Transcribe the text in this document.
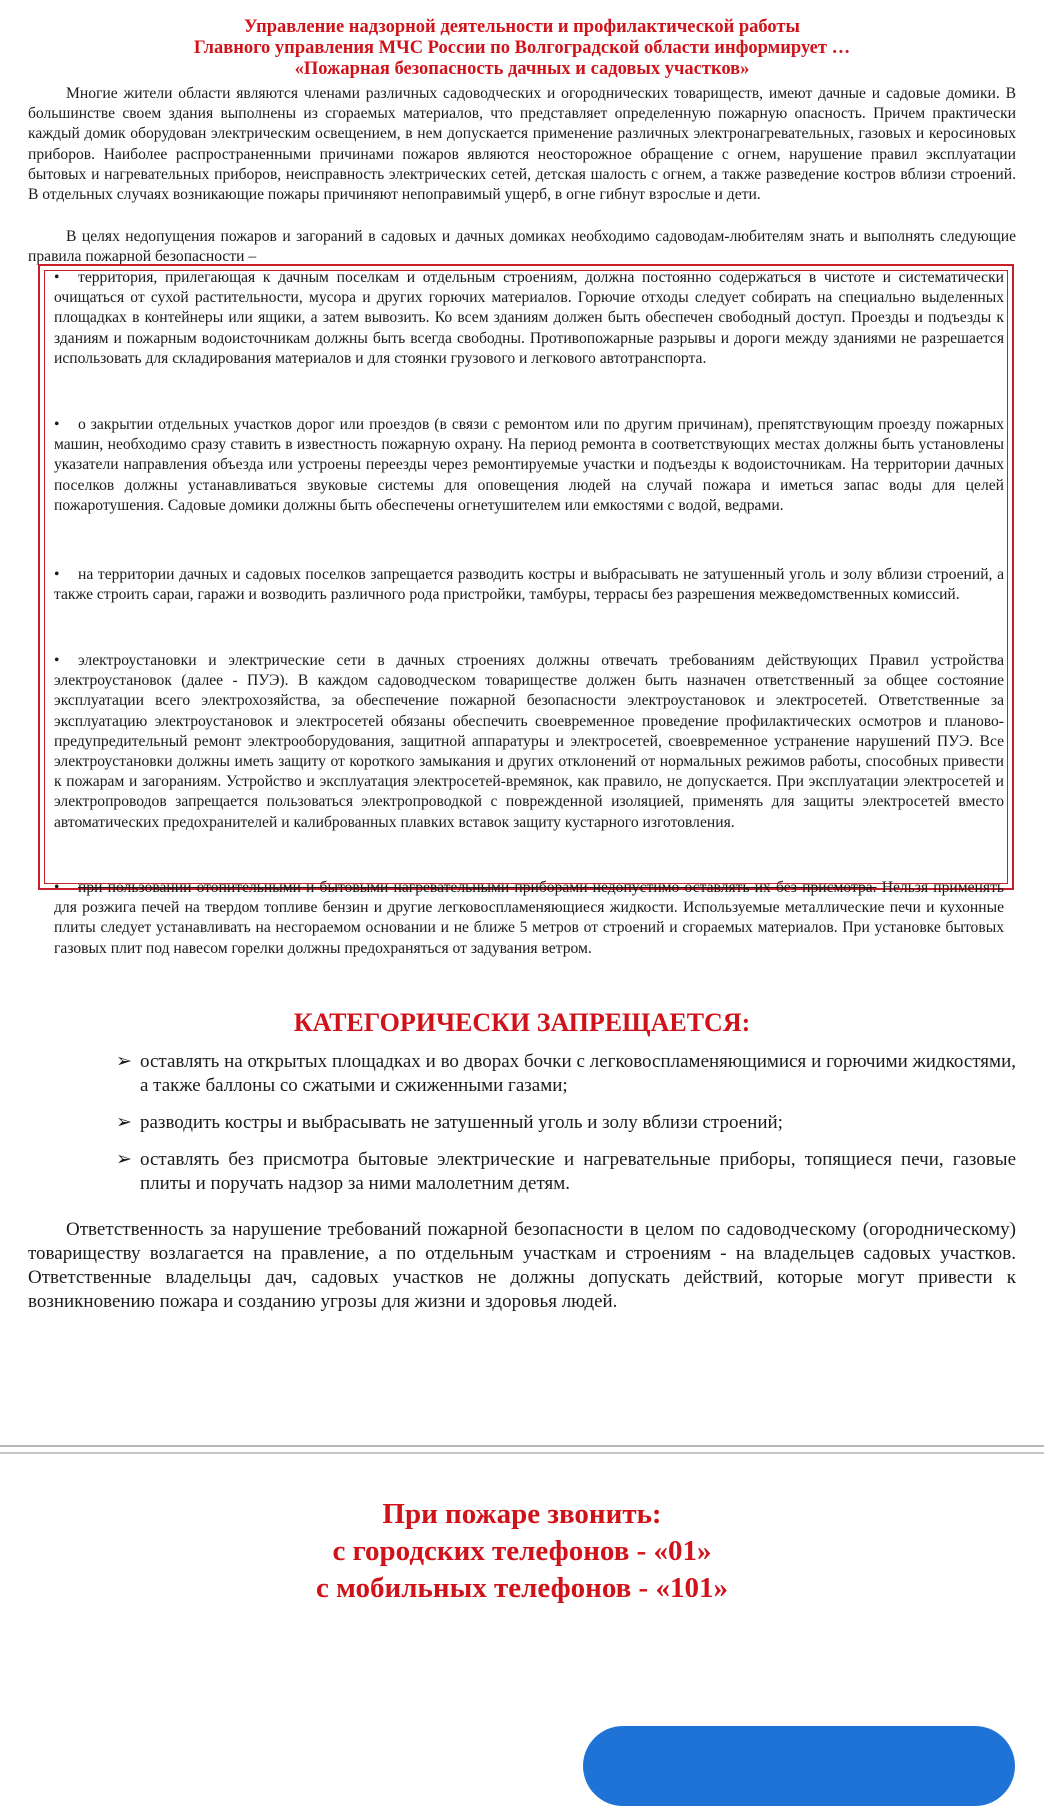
Управление надзорной деятельности и профилактической работы
Главного управления МЧС России по Волгоградской области информирует …
«Пожарная безопасность дачных и садовых участков»

Многие жители области являются членами различных садоводческих и огороднических товариществ, имеют дачные и садовые домики. В большинстве своем здания выполнены из сгораемых материалов, что представляет определенную пожарную опасность. Причем практически каждый домик оборудован электрическим освещением, в нем допускается применение различных электронагревательных, газовых и керосиновых приборов. Наиболее распространенными причинами пожаров являются неосторожное обращение с огнем, нарушение правил эксплуатации бытовых и нагревательных приборов, неисправность электрических сетей, детская шалость с огнем, а также разведение костров вблизи строений. В отдельных случаях возникающие пожары причиняют непоправимый ущерб, в огне гибнут взрослые и дети.

В целях недопущения пожаров и загораний в садовых и дачных домиках необходимо садоводам-любителям знать и выполнять следующие правила пожарной безопасности –

• территория, прилегающая к дачным поселкам и отдельным строениям, должна постоянно содержаться в чистоте и систематически очищаться от сухой растительности, мусора и других горючих материалов. Горючие отходы следует собирать на специально выделенных площадках в контейнеры или ящики, а затем вывозить. Ко всем зданиям должен быть обеспечен свободный доступ. Проезды и подъезды к зданиям и пожарным водоисточникам должны быть всегда свободны. Противопожарные разрывы и дороги между зданиями не разрешается использовать для складирования материалов и для стоянки грузового и легкового автотранспорта.

• о закрытии отдельных участков дорог или проездов (в связи с ремонтом или по другим причинам), препятствующим проезду пожарных машин, необходимо сразу ставить в известность пожарную охрану. На период ремонта в соответствующих местах должны быть установлены указатели направления объезда или устроены переезды через ремонтируемые участки и подъезды к водоисточникам. На территории дачных поселков должны устанавливаться звуковые системы для оповещения людей на случай пожара и иметься запас воды для целей пожаротушения. Садовые домики должны быть обеспечены огнетушителем или емкостями с водой, ведрами.

• на территории дачных и садовых поселков запрещается разводить костры и выбрасывать не затушенный уголь и золу вблизи строений, а также строить сараи, гаражи и возводить различного рода пристройки, тамбуры, террасы без разрешения межведомственных комиссий.

• электроустановки и электрические сети в дачных строениях должны отвечать требованиям действующих Правил устройства электроустановок (далее - ПУЭ). В каждом садоводческом товариществе должен быть назначен ответственный за общее состояние эксплуатации всего электрохозяйства, за обеспечение пожарной безопасности электроустановок и электросетей. Ответственные за эксплуатацию электроустановок и электросетей обязаны обеспечить своевременное проведение профилактических осмотров и планово-предупредительный ремонт электрооборудования, защитной аппаратуры и электросетей, своевременное устранение нарушений ПУЭ. Все электроустановки должны иметь защиту от короткого замыкания и других отклонений от нормальных режимов работы, способных привести к пожарам и загораниям. Устройство и эксплуатация электросетей-времянок, как правило, не допускается. При эксплуатации электросетей и электропроводов запрещается пользоваться электропроводкой с поврежденной изоляцией, применять для защиты электросетей вместо автоматических предохранителей и калиброванных плавких вставок защиту кустарного изготовления.

• при пользовании отопительными и бытовыми нагревательными приборами недопустимо оставлять их без присмотра. Нельзя применять для розжига печей на твердом топливе бензин и другие легковоспламеняющиеся жидкости. Используемые металлические печи и кухонные плиты следует устанавливать на несгораемом основании и не ближе 5 метров от строений и сгораемых материалов. При установке бытовых газовых плит под навесом горелки должны предохраняться от задувания ветром.

КАТЕГОРИЧЕСКИ ЗАПРЕЩАЕТСЯ:
➢ оставлять на открытых площадках и во дворах бочки с легковоспламеняющимися и горючими жидкостями, а также баллоны со сжатыми и сжиженными газами;
➢ разводить костры и выбрасывать не затушенный уголь и золу вблизи строений;
➢ оставлять без присмотра бытовые электрические и нагревательные приборы, топящиеся печи, газовые плиты и поручать надзор за ними малолетним детям.

Ответственность за нарушение требований пожарной безопасности в целом по садоводческому (огородническому) товариществу возлагается на правление, а по отдельным участкам и строениям - на владельцев садовых участков. Ответственные владельцы дач, садовых участков не должны допускать действий, которые могут привести к возникновению пожара и созданию угрозы для жизни и здоровья людей.

При пожаре звонить:
с городских телефонов - «01»
с мобильных телефонов - «101»
